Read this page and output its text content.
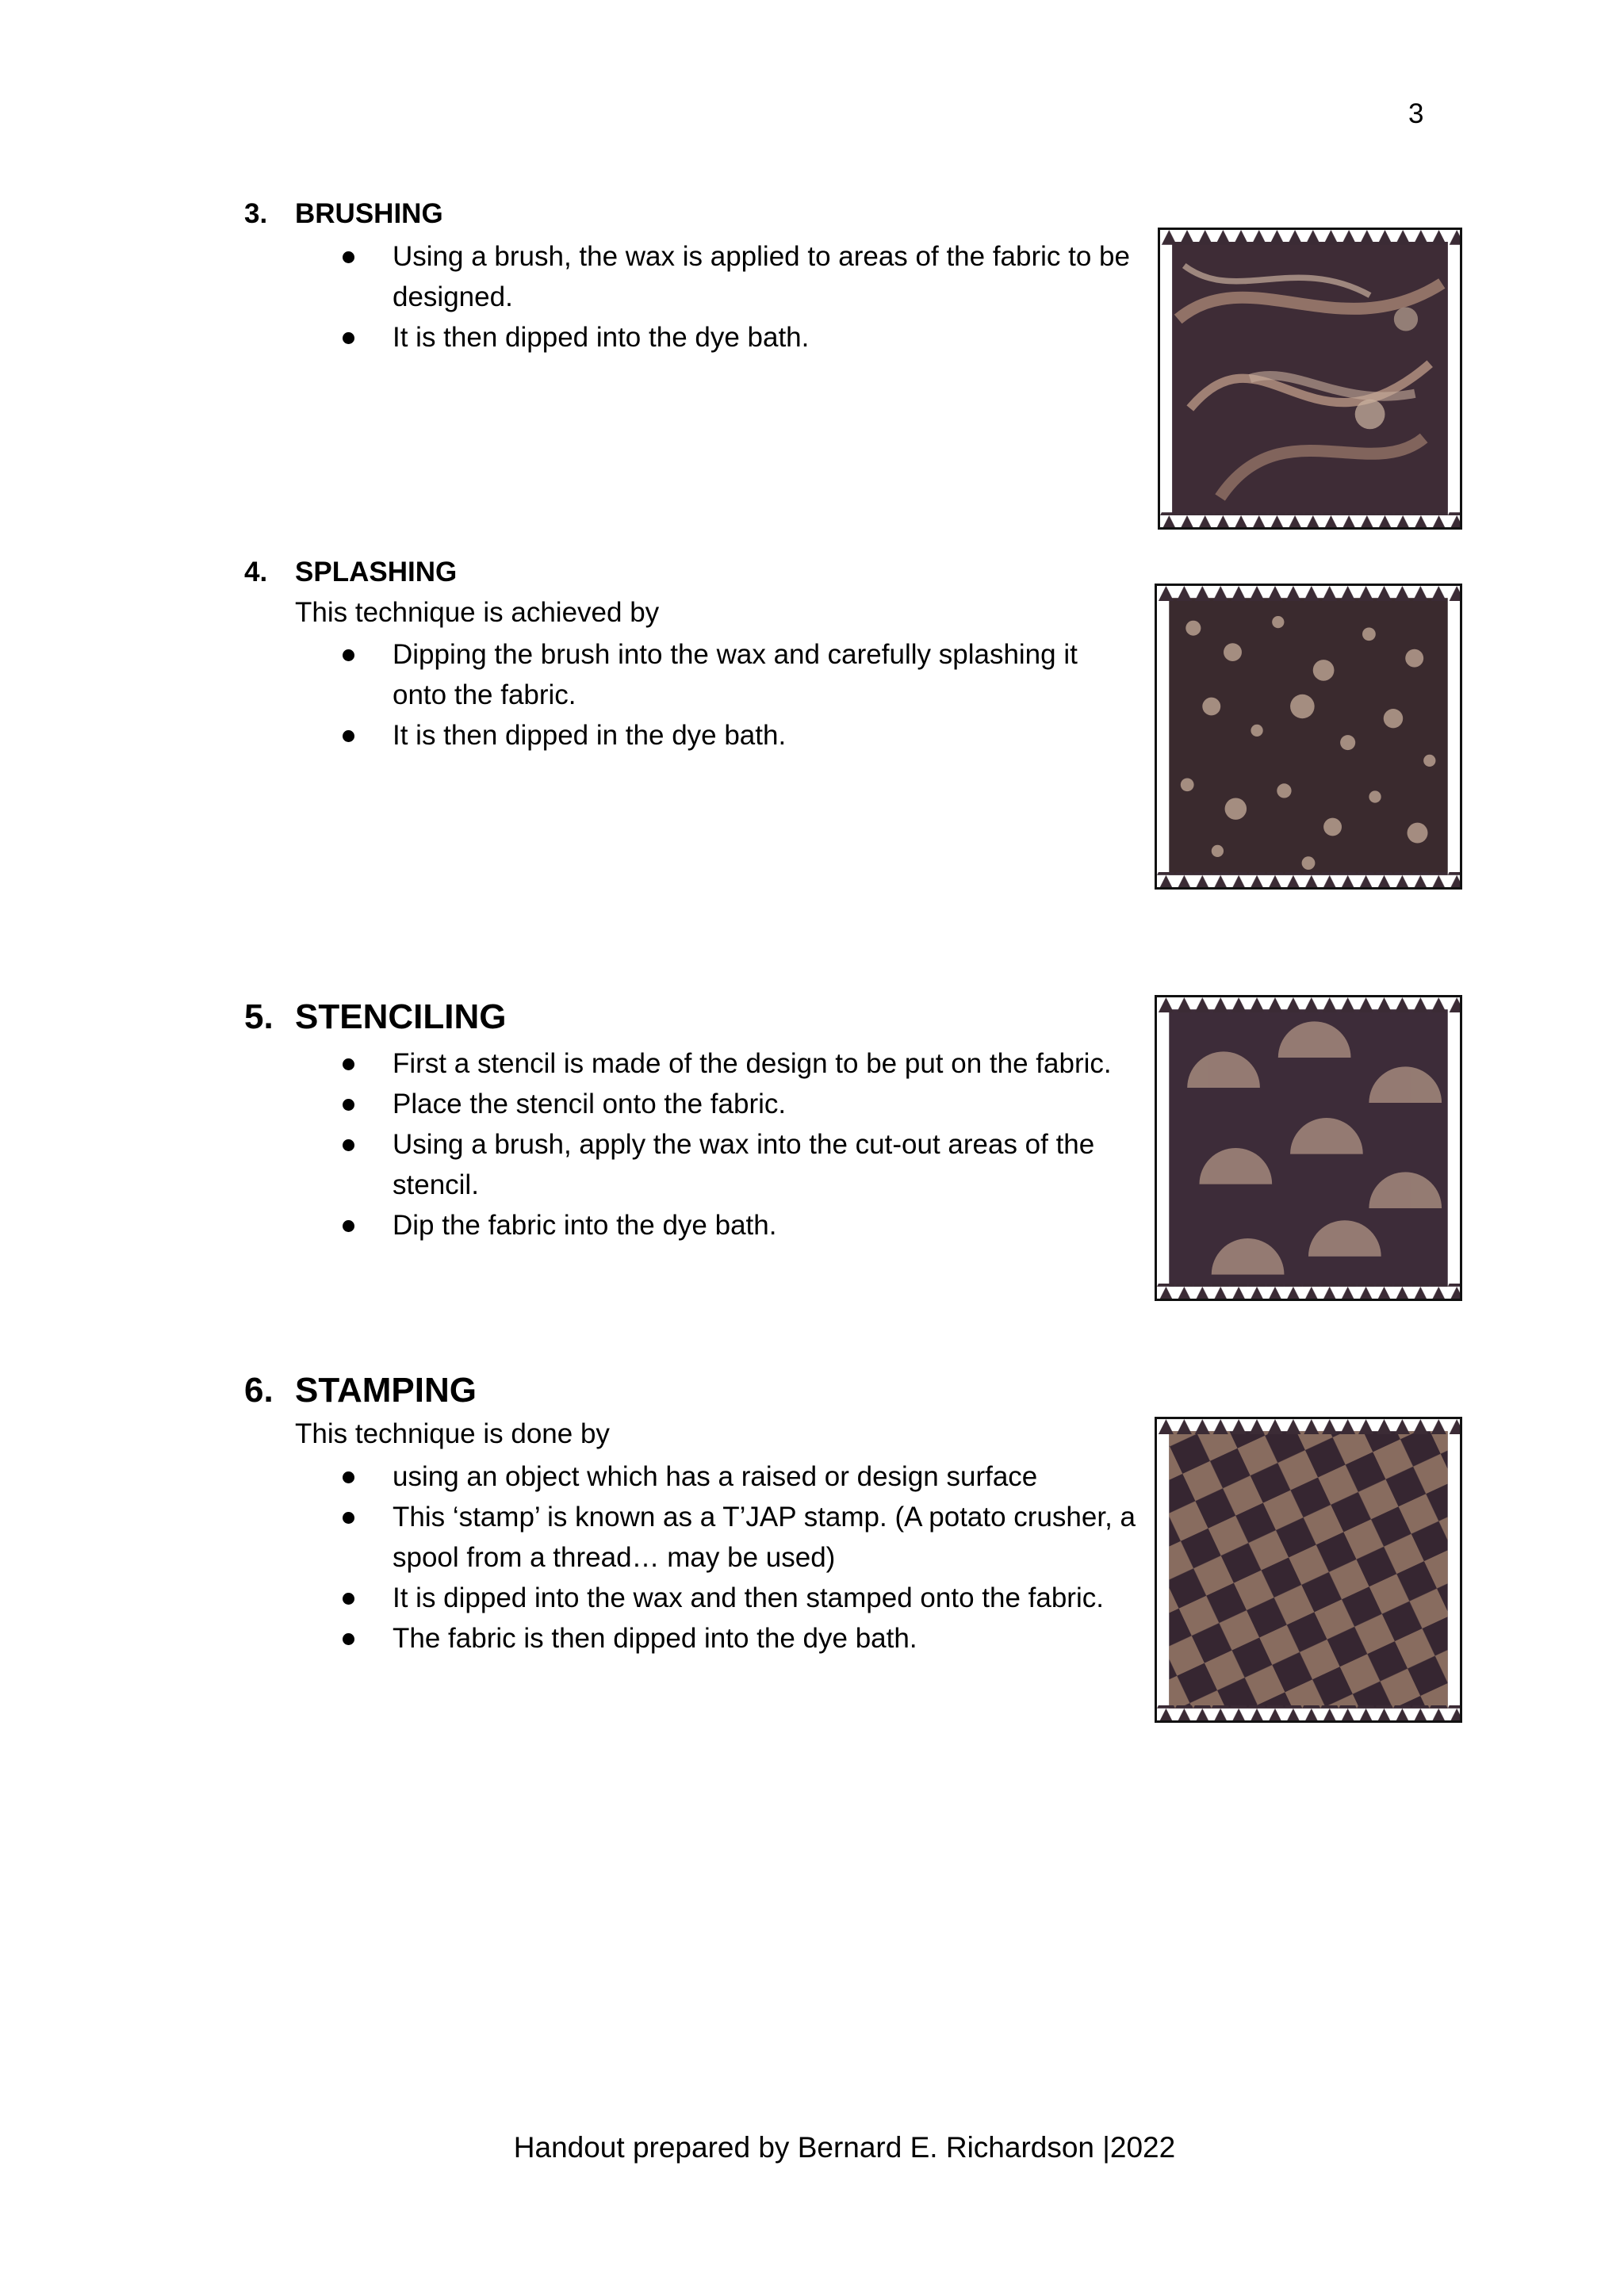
3
3. BRUSHING
Using a brush, the wax is applied to areas of the fabric to be designed.
It is then dipped into the dye bath.
4. SPLASHING
This technique is achieved by
Dipping the brush into the wax and carefully splashing it onto the fabric.
It is then dipped in the dye bath.
5. STENCILING
First a stencil is made of the design to be put on the fabric.
Place the stencil onto the fabric.
Using a brush, apply the wax into the cut-out areas of the stencil.
Dip the fabric into the dye bath.
6. STAMPING
This technique is done by
using an object which has a raised or design surface
This ‘stamp’ is known as a T’JAP stamp. (A potato crusher, a spool from a thread… may be used)
It is dipped into the wax and then stamped onto the fabric.
The fabric is then dipped into the dye bath.
Handout prepared by Bernard E. Richardson |2022
